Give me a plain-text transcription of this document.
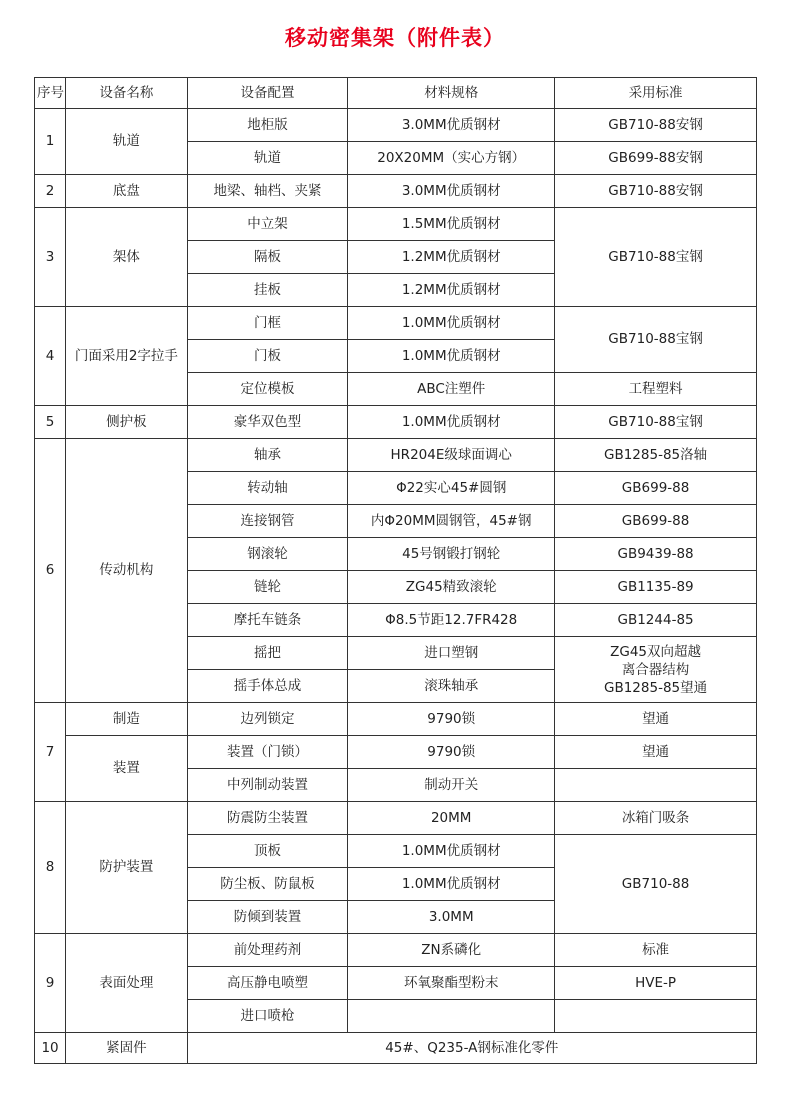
移动密集架（附件表）
序号	设备名称	设备配置	材料规格	采用标准
1	轨道	地柜版	3.0MM优质钢材	GB710-88安钢
		轨道	20X20MM（实心方钢）	GB699-88安钢
2	底盘	地梁、轴档、夹紧	3.0MM优质钢材	GB710-88安钢
3	架体	中立架	1.5MM优质钢材	GB710-88宝钢
		隔板	1.2MM优质钢材	
		挂板	1.2MM优质钢材	
4	门面采用2字拉手	门框	1.0MM优质钢材	GB710-88宝钢
		门板	1.0MM优质钢材	
		定位模板	ABC注塑件	工程塑料
5	侧护板	豪华双色型	1.0MM优质钢材	GB710-88宝钢
6	传动机构	轴承	HR204E级球面调心	GB1285-85洛轴
		转动轴	Φ22实心45#圆钢	GB699-88
		连接钢管	内Φ20MM圆钢管，45#钢	GB699-88
		钢滚轮	45号钢锻打钢轮	GB9439-88
		链轮	ZG45精致滚轮	GB1135-89
		摩托车链条	Φ8.5节距12.7FR428	GB1244-85
		摇把	进口塑钢	ZG45双向超越
离合器结构
GB1285-85望通
		摇手体总成	滚珠轴承	
7	制造	边列锁定	9790锁	望通
	装置	装置（门锁）	9790锁	望通
		中列制动装置	制动开关	
8	防护装置	防震防尘装置	20MM	冰箱门吸条
		顶板	1.0MM优质钢材	GB710-88
		防尘板、防鼠板	1.0MM优质钢材	
		防倾到装置	3.0MM	
9	表面处理	前处理药剂	ZN系磷化	标准
		高压静电喷塑	环氧聚酯型粉末	HVE-P
		进口喷枪		
10	紧固件	45#、Q235-A钢标准化零件		
